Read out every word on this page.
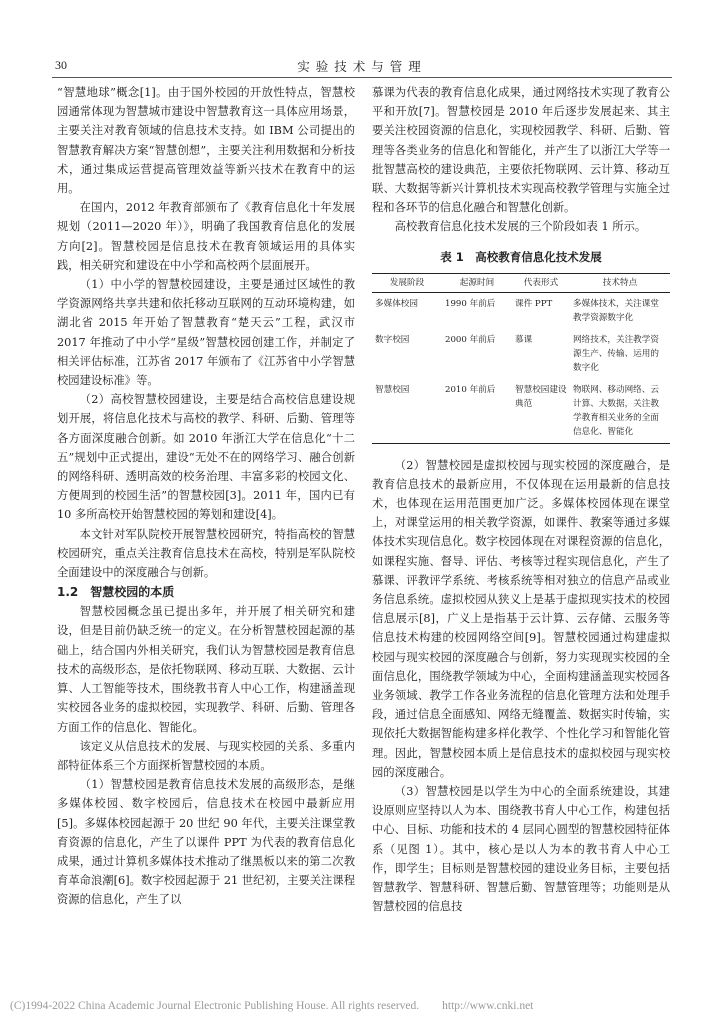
30	实验技术与管理

“智慧地球”概念[1]。由于国外校园的开放性特点，智慧校园通常体现为智慧城市建设中智慧教育这一具体应用场景，主要关注对教育领域的信息技术支持。如 IBM 公司提出的智慧教育解决方案“智慧创想”，主要关注利用数据和分析技术，通过集成运营提高管理效益等新兴技术在教育中的运用。

在国内，2012 年教育部颁布了《教育信息化十年发展规划（2011—2020 年）》，明确了我国教育信息化的发展方向[2]。智慧校园是信息技术在教育领域运用的具体实践，相关研究和建设在中小学和高校两个层面展开。

（1）中小学的智慧校园建设，主要是通过区域性的教学资源网络共享共建和依托移动互联网的互动环境构建，如湖北省 2015 年开始了智慧教育“楚天云”工程，武汉市 2017 年推动了中小学“星级”智慧校园创建工作，并制定了相关评估标准，江苏省 2017 年颁布了《江苏省中小学智慧校园建设标准》等。

（2）高校智慧校园建设，主要是结合高校信息建设规划开展，将信息化技术与高校的教学、科研、后勤、管理等各方面深度融合创新。如 2010 年浙江大学在信息化“十二五”规划中正式提出，建设“无处不在的网络学习、融合创新的网络科研、透明高效的校务治理、丰富多彩的校园文化、方便周到的校园生活”的智慧校园[3]。2011 年，国内已有 10 多所高校开始智慧校园的筹划和建设[4]。

本文针对军队院校开展智慧校园研究，特指高校的智慧校园研究，重点关注教育信息技术在高校，特别是军队院校全面建设中的深度融合与创新。

1.2　智慧校园的本质

智慧校园概念虽已提出多年，并开展了相关研究和建设，但是目前仍缺乏统一的定义。在分析智慧校园起源的基础上，结合国内外相关研究，我们认为智慧校园是教育信息技术的高级形态，是依托物联网、移动互联、大数据、云计算、人工智能等技术，围绕教书育人中心工作，构建涵盖现实校园各业务的虚拟校园，实现教学、科研、后勤、管理各方面工作的信息化、智能化。

该定义从信息技术的发展、与现实校园的关系、多重内部特征体系三个方面探析智慧校园的本质。

（1）智慧校园是教育信息技术发展的高级形态，是继多媒体校园、数字校园后，信息技术在校园中最新应用[5]。多媒体校园起源于 20 世纪 90 年代，主要关注课堂教育资源的信息化，产生了以课件 PPT 为代表的教育信息化成果，通过计算机多媒体技术推动了继黑板以来的第二次教育革命浪潮[6]。数字校园起源于 21 世纪初，主要关注课程资源的信息化，产生了以

慕课为代表的教育信息化成果，通过网络技术实现了教育公平和开放[7]。智慧校园是 2010 年后逐步发展起来、其主要关注校园资源的信息化，实现校园教学、科研、后勤、管理等各类业务的信息化和智能化，并产生了以浙江大学等一批智慧高校的建设典范，主要依托物联网、云计算、移动互联、大数据等新兴计算机技术实现高校教学管理与实施全过程和各环节的信息化融合和智慧化创新。

高校教育信息化技术发展的三个阶段如表 1 所示。

表 1　高校教育信息化技术发展
发展阶段	起源时间	代表形式	技术特点
多媒体校园	1990 年前后	课件 PPT	多媒体技术，关注课堂教学资源数字化
数字校园	2000 年前后	慕课	网络技术，关注教学资源生产、传输、运用的数字化
智慧校园	2010 年前后	智慧校园建设典范	物联网、移动网络、云计算、大数据，关注教学教育相关业务的全面信息化、智能化

（2）智慧校园是虚拟校园与现实校园的深度融合，是教育信息技术的最新应用，不仅体现在运用最新的信息技术，也体现在运用范围更加广泛。多媒体校园体现在课堂上，对课堂运用的相关教学资源，如课件、教案等通过多媒体技术实现信息化。数字校园体现在对课程资源的信息化，如课程实施、督导、评估、考核等过程实现信息化，产生了慕课、评教评学系统、考核系统等相对独立的信息产品或业务信息系统。虚拟校园从狭义上是基于虚拟现实技术的校园信息展示[8]，广义上是指基于云计算、云存储、云服务等信息技术构建的校园网络空间[9]。智慧校园通过构建虚拟校园与现实校园的深度融合与创新，努力实现现实校园的全面信息化，围绕教学领域为中心，全面构建涵盖现实校园各业务领域、教学工作各业务流程的信息化管理方法和处理手段，通过信息全面感知、网络无缝覆盖、数据实时传输，实现依托大数据智能构建多样化教学、个性化学习和智能化管理。因此，智慧校园本质上是信息技术的虚拟校园与现实校园的深度融合。

（3）智慧校园是以学生为中心的全面系统建设，其建设原则应坚持以人为本、围绕教书育人中心工作，构建包括中心、目标、功能和技术的 4 层同心圆型的智慧校园特征体系（见图 1）。其中，核心是以人为本的教书育人中心工作，即学生；目标则是智慧校园的建设业务目标，主要包括智慧教学、智慧科研、智慧后勤、智慧管理等；功能则是从智慧校园的信息技

(C)1994-2022 China Academic Journal Electronic Publishing House. All rights reserved.　　http://www.cnki.net
